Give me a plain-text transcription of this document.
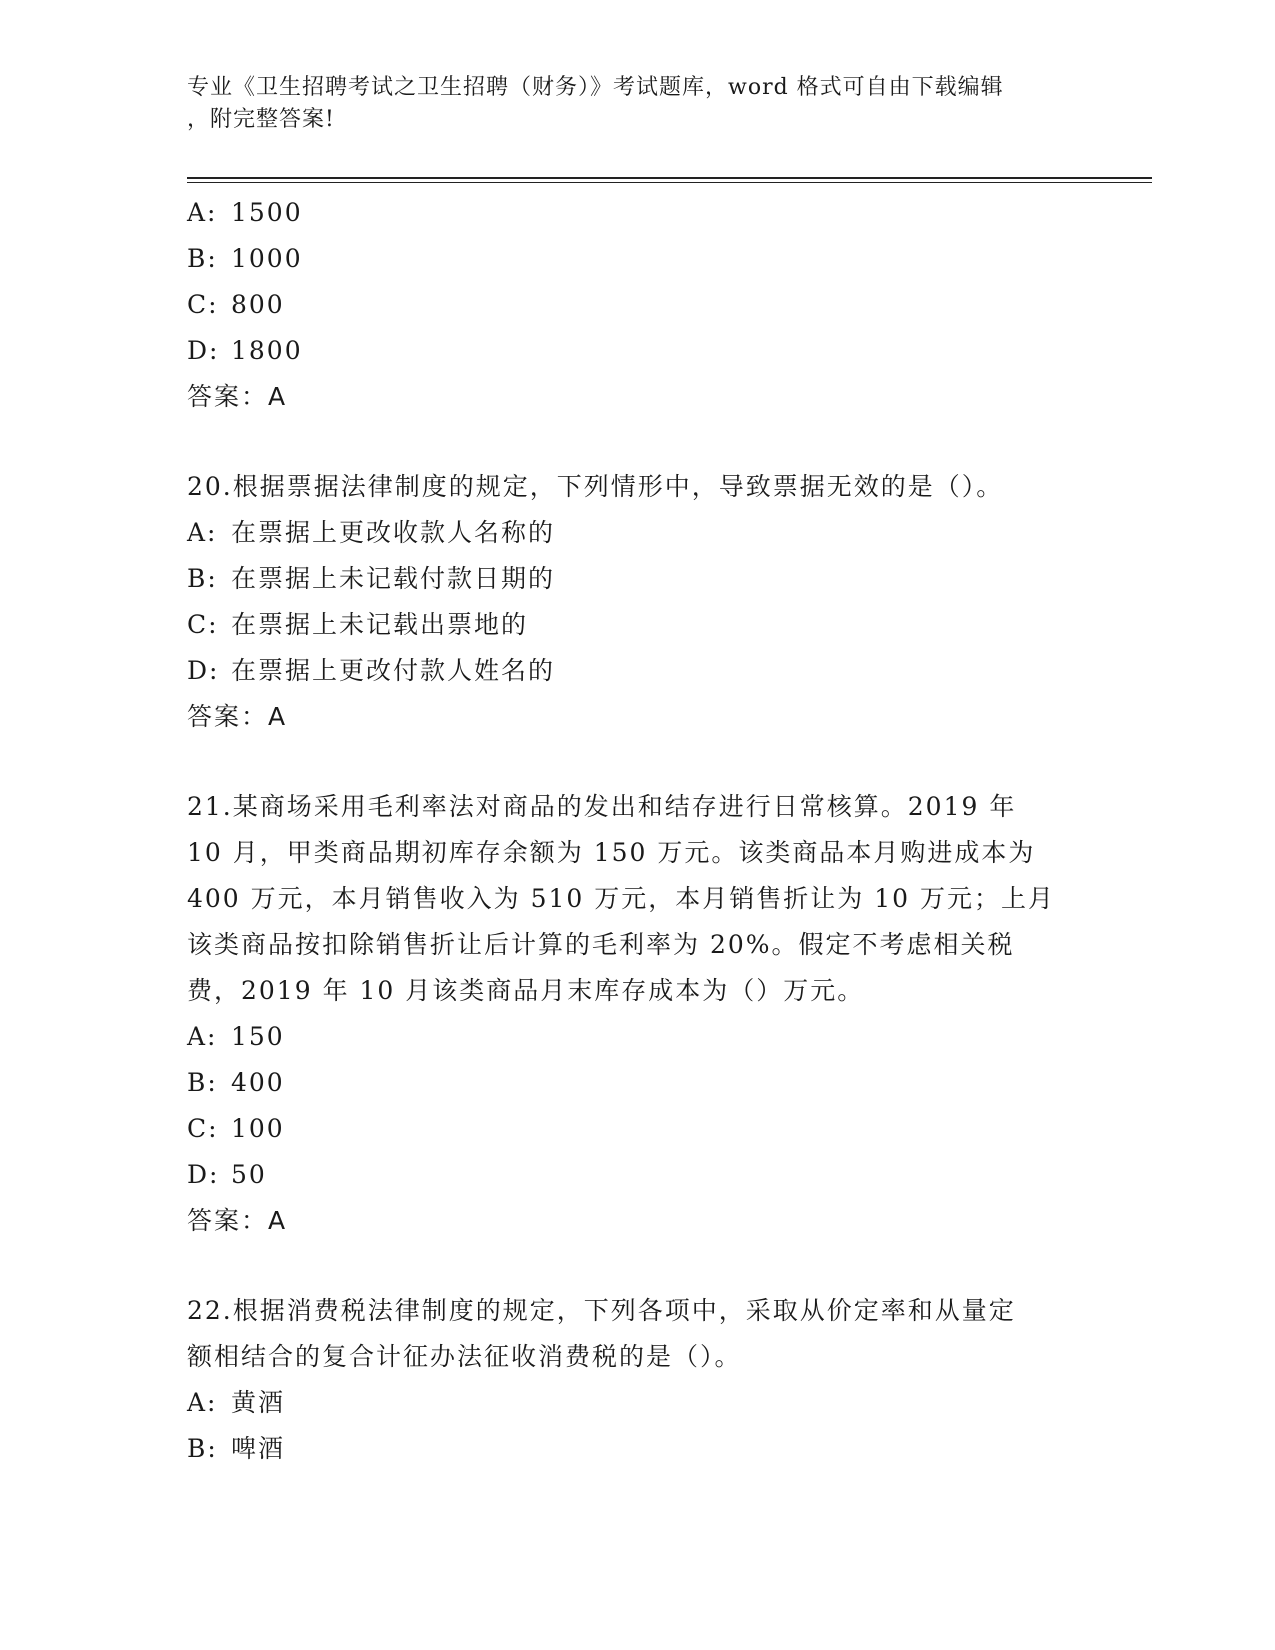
专业《卫生招聘考试之卫生招聘（财务）》考试题库，word 格式可自由下载编辑
，附完整答案!
A: 1500
B: 1000
C: 800
D: 1800
答案：A
20.根据票据法律制度的规定，下列情形中，导致票据无效的是（）。
A: 在票据上更改收款人名称的
B: 在票据上未记载付款日期的
C: 在票据上未记载出票地的
D: 在票据上更改付款人姓名的
答案：A
21.某商场采用毛利率法对商品的发出和结存进行日常核算。2019 年
10 月，甲类商品期初库存余额为 150 万元。该类商品本月购进成本为
400 万元，本月销售收入为 510 万元，本月销售折让为 10 万元；上月
该类商品按扣除销售折让后计算的毛利率为 20%。假定不考虑相关税
费，2019 年 10 月该类商品月末库存成本为（）万元。
A: 150
B: 400
C: 100
D: 50
答案：A
22.根据消费税法律制度的规定，下列各项中，采取从价定率和从量定
额相结合的复合计征办法征收消费税的是（）。
A: 黄酒
B: 啤酒
